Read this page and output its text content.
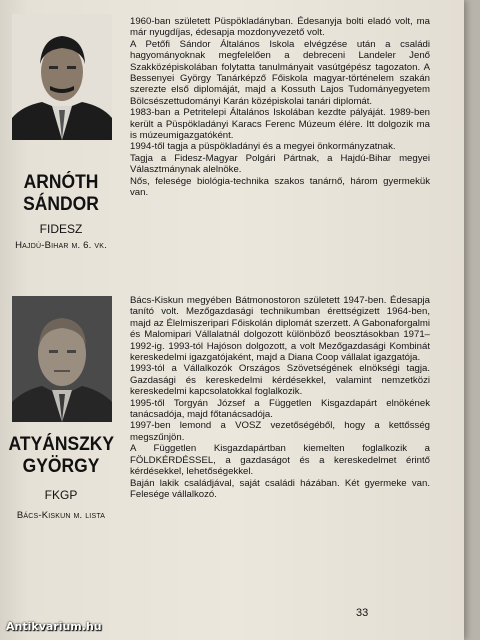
ARNÓTH
SÁNDOR
FIDESZ
Hajdú-Bihar m. 6. vk.

1960-ban született Püspökladányban. Édesanyja bolti eladó volt, ma már nyugdíjas, édesapja mozdonyvezető volt.

A Petőfi Sándor Általános Iskola elvégzése után a családi hagyományoknak megfelelően a debreceni Landeler Jenő Szakközépiskolában folytatta tanulmányait vasútgépész tagozaton. A Bessenyei György Tanárképző Főiskola magyar-történelem szakán szerezte első diplomáját, majd a Kossuth Lajos Tudományegyetem Bölcsészettudományi Karán középiskolai tanári diplomát.

1983-ban a Petritelepi Általános Iskolában kezdte pályáját. 1989-ben került a Püspökladányi Karacs Ferenc Múzeum élére. Itt dolgozik ma is múzeumigazgatóként.

1994-től tagja a püspökladányi és a megyei önkormányzatnak.

Tagja a Fidesz-Magyar Polgári Pártnak, a Hajdú-Bihar megyei Választmánynak alelnöke.

Nős, felesége biológia-technika szakos tanárnő, három gyermekük van.

ATYÁNSZKY
GYÖRGY
FKGP
Bács-Kiskun m. lista

Bács-Kiskun megyében Bátmonostoron született 1947-ben. Édesapja tanító volt. Mezőgazdasági technikumban érettségizett 1964-ben, majd az Élelmiszeripari Főiskolán diplomát szerzett. A Gabonaforgalmi és Malomipari Vállalatnál dolgozott különböző beosztásokban 1971–1992-ig. 1993-tól Hajóson dolgozott, a volt Mezőgazdasági Kombinát kereskedelmi igazgatójaként, majd a Diana Coop vállalat igazgatója.

1993-tól a Vállalkozók Országos Szövetségének elnökségi tagja. Gazdasági és kereskedelmi kérdésekkel, valamint nemzetközi kereskedelmi kapcsolatokkal foglalkozik.

1995-től Torgyán József a Független Kisgazdapárt elnökének tanácsadója, majd főtanácsadója.

1997-ben lemond a VOSZ vezetőségéből, hogy a kettősség megszűnjön.

A Független Kisgazdapártban kiemelten foglalkozik a FÖLDKÉRDÉSSEL, a gazdaságot és a kereskedelmet érintő kérdésekkel, lehetőségekkel.

Baján lakik családjával, saját családi házában. Két gyermeke van. Felesége vállalkozó.

33
Antikvarium.hu
